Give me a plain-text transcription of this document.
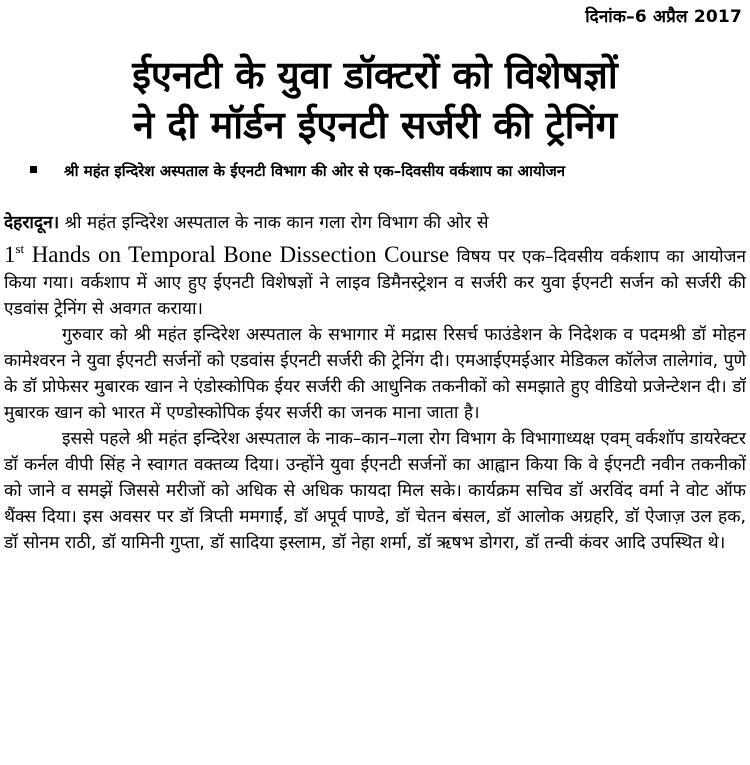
दिनांक–6 अप्रैल 2017
ईएनटी के युवा डॉक्टरों को विशेषज्ञों
ने दी मॉर्डन ईएनटी सर्जरी की ट्रेनिंग
श्री महंत इन्दिरेश अस्पताल के ईएनटी विभाग की ओर से एक–दिवसीय वर्कशाप का आयोजन

देहरादून। श्री महंत इन्दिरेश अस्पताल के नाक कान गला रोग विभाग की ओर से
1st Hands on Temporal Bone Dissection Course विषय पर एक–दिवसीय वर्कशाप का आयोजन किया गया। वर्कशाप में आए हुए ईएनटी विशेषज्ञों ने लाइव डिमैनस्ट्रेशन व सर्जरी कर युवा ईएनटी सर्जन को सर्जरी की एडवांस ट्रेनिंग से अवगत कराया।

गुरुवार को श्री महंत इन्दिरेश अस्पताल के सभागार में मद्रास रिसर्च फाउंडेशन के निदेशक व पदमश्री डॉ मोहन कामेश्वरन ने युवा ईएनटी सर्जनों को एडवांस ईएनटी सर्जरी की ट्रेनिंग दी। एमआईएमईआर मेडिकल कॉलेज तालेगांव, पुणे के डॉ प्रोफेसर मुबारक खान ने एंडोस्कोपिक ईयर सर्जरी की आधुनिक तकनीकों को समझाते हुए वीडियो प्रजेन्टेशन दी। डॉ मुबारक खान को भारत में एण्डोस्कोपिक ईयर सर्जरी का जनक माना जाता है।

इससे पहले श्री महंत इन्दिरेश अस्पताल के नाक–कान–गला रोग विभाग के विभागाध्यक्ष एवम् वर्कशॉप डायरेक्टर डॉ कर्नल वीपी सिंह ने स्वागत वक्तव्य दिया। उन्होंने युवा ईएनटी सर्जनों का आह्वान किया कि वे ईएनटी नवीन तकनीकों को जाने व समझें जिससे मरीजों को अधिक से अधिक फायदा मिल सके। कार्यक्रम सचिव डॉ अरविंद वर्मा ने वोट ऑफ थैंक्स दिया। इस अवसर पर डॉ त्रिप्ती ममगाईं, डॉ अपूर्व पाण्डे, डॉ चेतन बंसल, डॉ आलोक अग्रहरि, डॉ ऐजाज़ उल हक, डॉ सोनम राठी, डॉ यामिनी गुप्ता, डॉ सादिया इस्लाम, डॉ नेहा शर्मा, डॉ ऋषभ डोगरा, डॉ तन्वी कंवर आदि उपस्थित थे।
